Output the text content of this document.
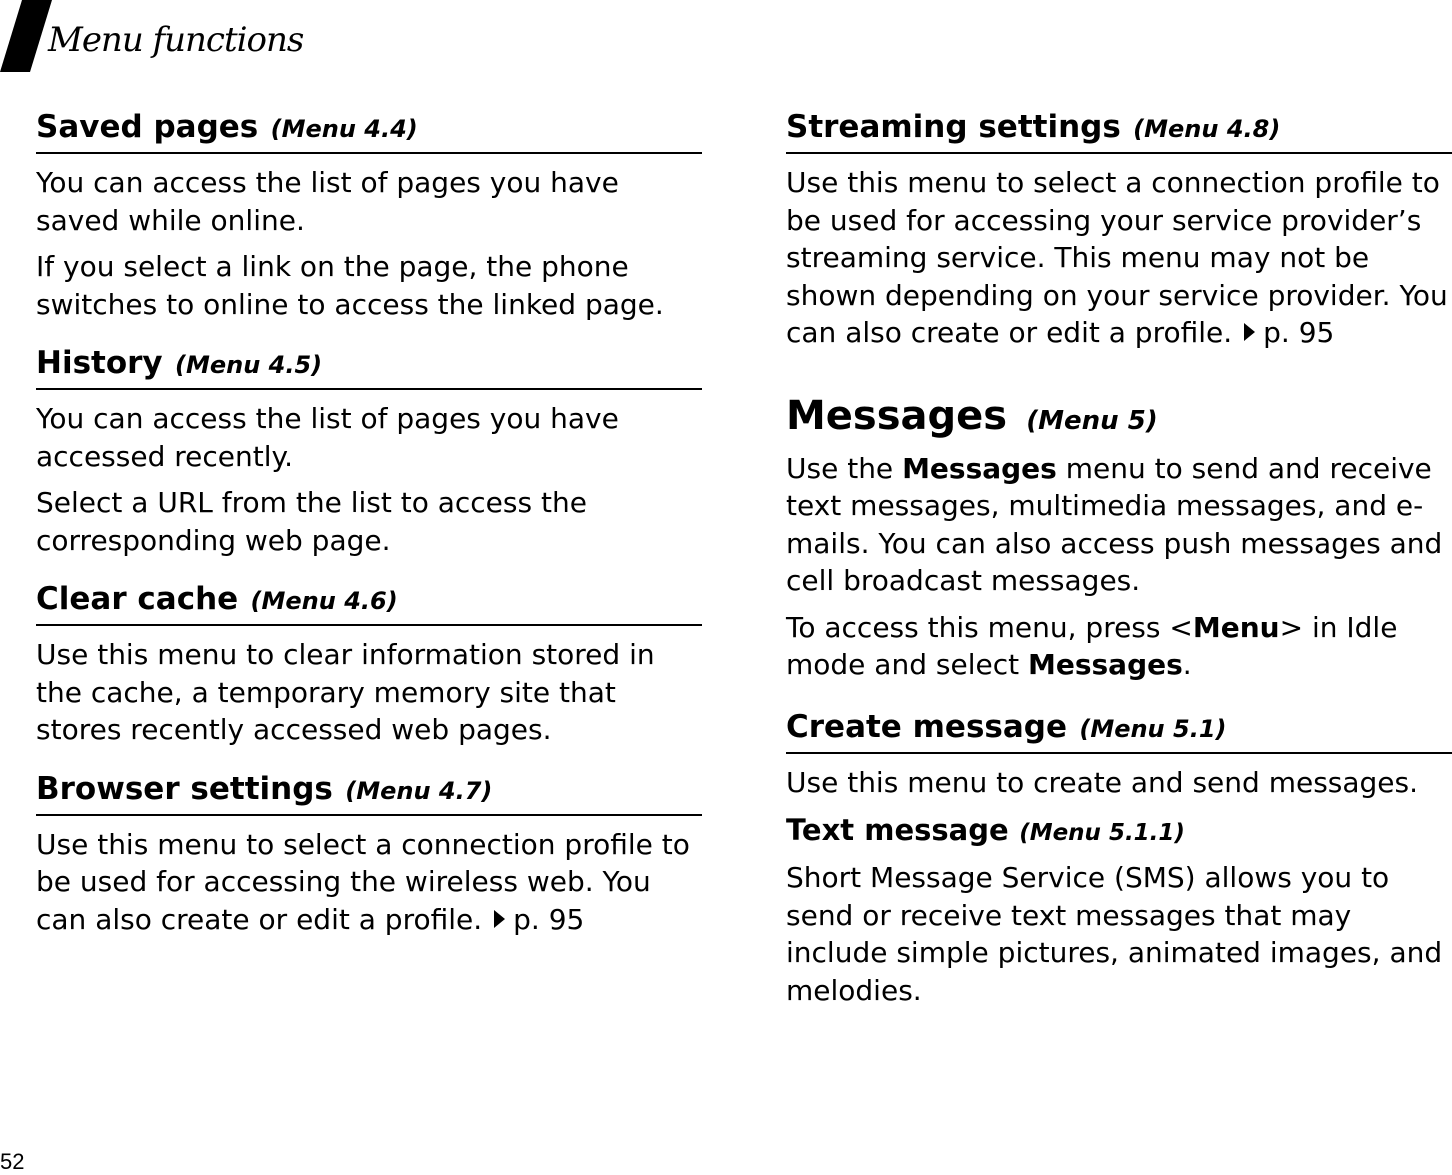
Menu functions
Saved pages (Menu 4.4)

You can access the list of pages you have saved while online.

If you select a link on the page, the phone switches to online to access the linked page.

History (Menu 4.5)

You can access the list of pages you have accessed recently.

Select a URL from the list to access the corresponding web page.

Clear cache (Menu 4.6)

Use this menu to clear information stored in the cache, a temporary memory site that stores recently accessed web pages.

Browser settings (Menu 4.7)

Use this menu to select a connection profile to be used for accessing the wireless web. You can also create or edit a profile. p. 95

Streaming settings (Menu 4.8)

Use this menu to select a connection profile to be used for accessing your service provider’s streaming service. This menu may not be shown depending on your service provider. You can also create or edit a profile. p. 95

Messages (Menu 5)

Use the Messages menu to send and receive text messages, multimedia messages, and e-mails. You can also access push messages and cell broadcast messages.

To access this menu, press <Menu> in Idle mode and select Messages.

Create message (Menu 5.1)

Use this menu to create and send messages.

Text message (Menu 5.1.1)

Short Message Service (SMS) allows you to send or receive text messages that may include simple pictures, animated images, and melodies.

52
